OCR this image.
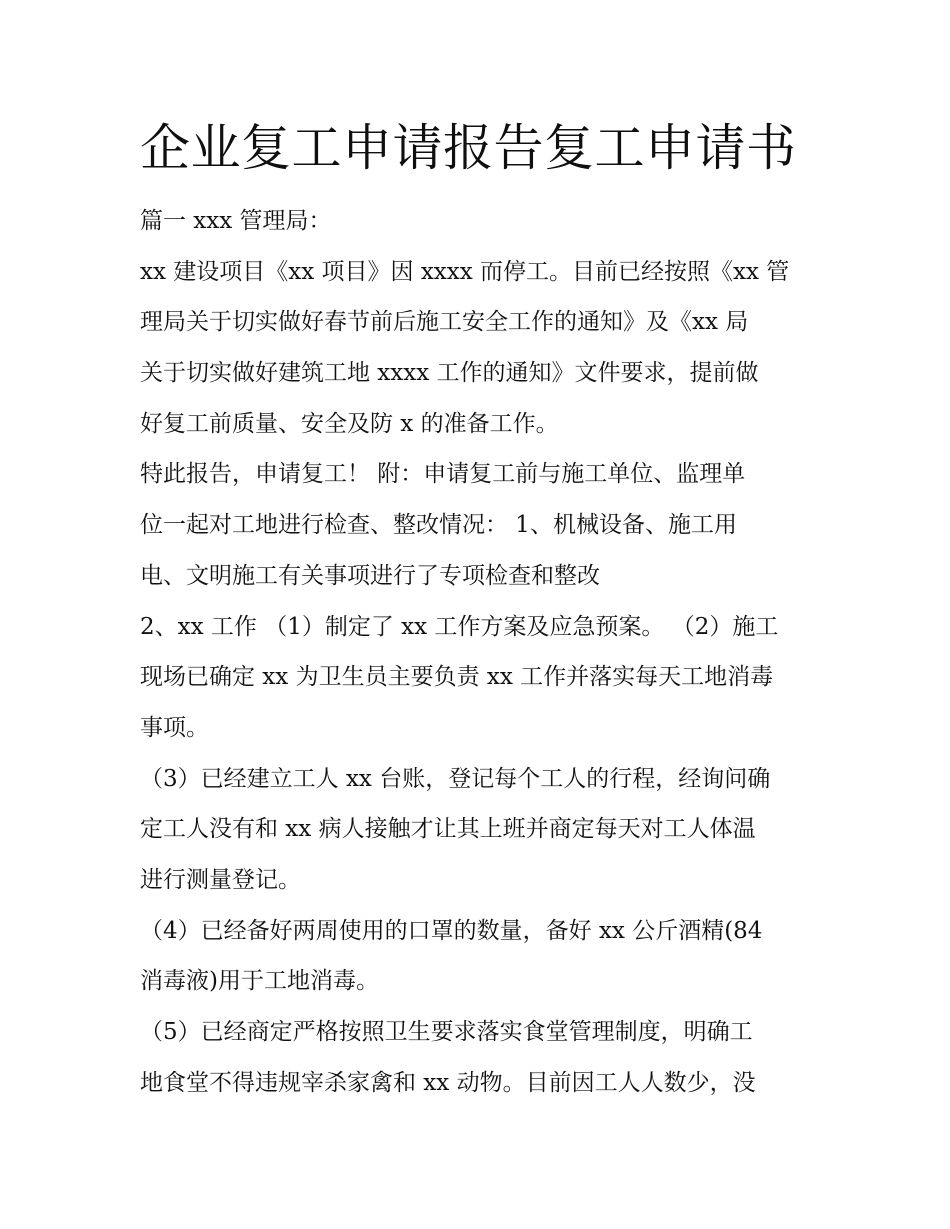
企业复工申请报告复工申请书

篇一 xxx 管理局：

xx 建设项目《xx 项目》因 xxxx 而停工。目前已经按照《xx 管

理局关于切实做好春节前后施工安全工作的通知》及《xx 局

关于切实做好建筑工地 xxxx 工作的通知》文件要求，提前做

好复工前质量、安全及防 x 的准备工作。

特此报告，申请复工！ 附：申请复工前与施工单位、监理单

位一起对工地进行检查、整改情况： 1、机械设备、施工用

电、文明施工有关事项进行了专项检查和整改

2、xx 工作 （1）制定了 xx 工作方案及应急预案。 （2）施工

现场已确定 xx 为卫生员主要负责 xx 工作并落实每天工地消毒

事项。

（3）已经建立工人 xx 台账，登记每个工人的行程，经询问确

定工人没有和 xx 病人接触才让其上班并商定每天对工人体温

进行测量登记。

（4）已经备好两周使用的口罩的数量，备好 xx 公斤酒精(84

消毒液)用于工地消毒。

（5）已经商定严格按照卫生要求落实食堂管理制度，明确工

地食堂不得违规宰杀家禽和 xx 动物。目前因工人人数少，没
